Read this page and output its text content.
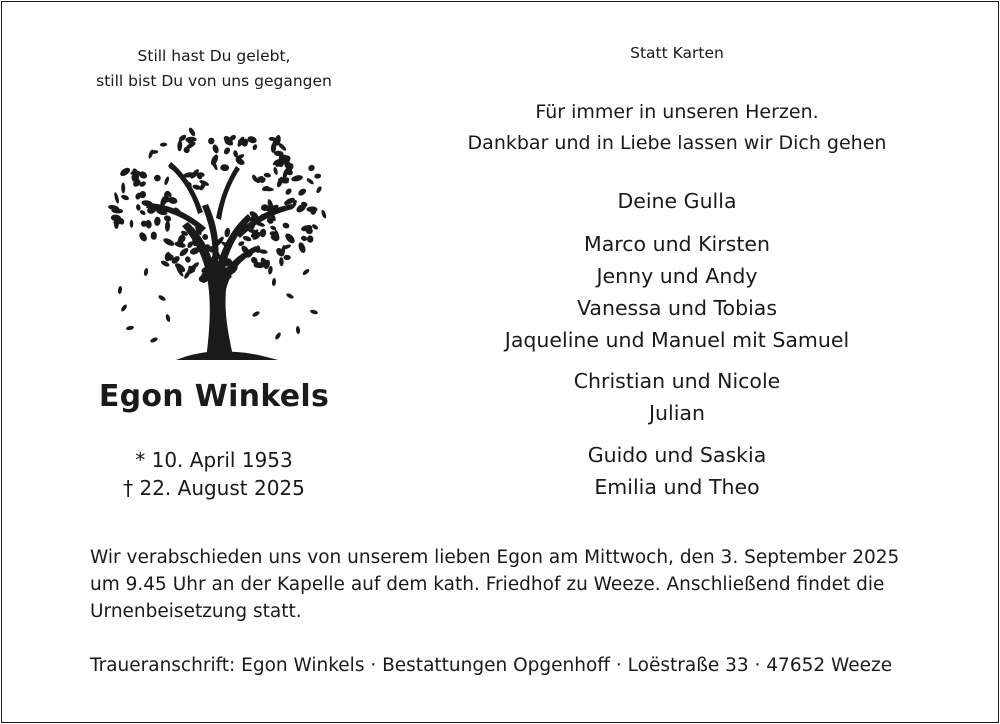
Still hast Du gelebt,
still bist Du von uns gegangen
Egon Winkels
* 10. April 1953
† 22. August 2025
Statt Karten
Für immer in unseren Herzen.
Dankbar und in Liebe lassen wir Dich gehen
Deine Gulla
Marco und Kirsten
Jenny und Andy
Vanessa und Tobias
Jaqueline und Manuel mit Samuel
Christian und Nicole
Julian
Guido und Saskia
Emilia und Theo
Wir verabschieden uns von unserem lieben Egon am Mittwoch, den 3. September 2025
um 9.45 Uhr an der Kapelle auf dem kath. Friedhof zu Weeze. Anschließend findet die
Urnenbeisetzung statt.
Traueranschrift: Egon Winkels · Bestattungen Opgenhoff · Loëstraße 33 · 47652 Weeze
